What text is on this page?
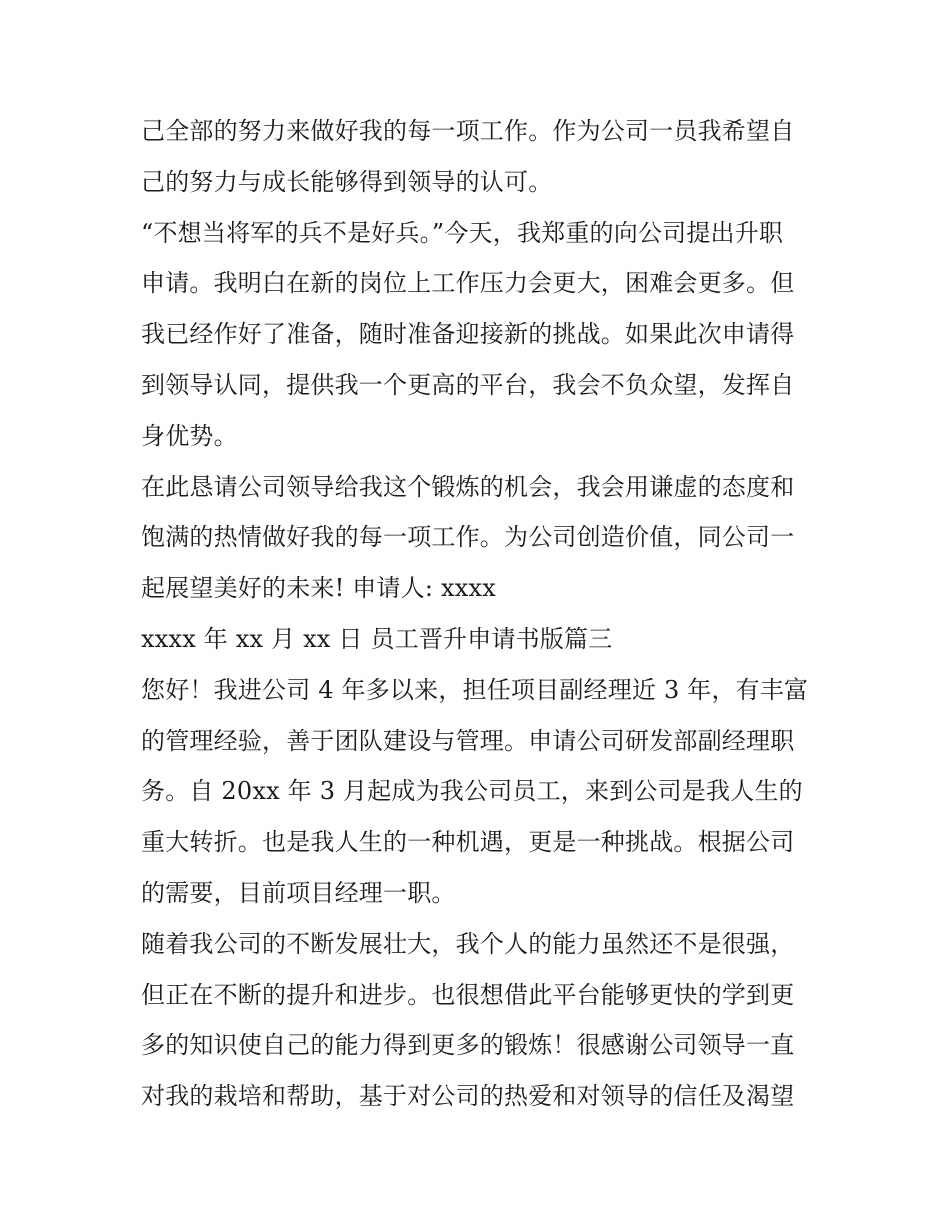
己全部的努力来做好我的每一项工作。作为公司一员我希望自
己的努力与成长能够得到领导的认可。
“不想当将军的兵不是好兵。”今天，我郑重的向公司提出升职
申请。我明白在新的岗位上工作压力会更大，困难会更多。但
我已经作好了准备，随时准备迎接新的挑战。如果此次申请得
到领导认同，提供我一个更高的平台，我会不负众望，发挥自
身优势。
在此恳请公司领导给我这个锻炼的机会，我会用谦虚的态度和
饱满的热情做好我的每一项工作。为公司创造价值，同公司一
起展望美好的未来! 申请人: xxxx
xxxx 年 xx 月 xx 日 员工晋升申请书版篇三
您好！我进公司 4 年多以来，担任项目副经理近 3 年，有丰富
的管理经验，善于团队建设与管理。申请公司研发部副经理职
务。自 20xx 年 3 月起成为我公司员工，来到公司是我人生的
重大转折。也是我人生的一种机遇，更是一种挑战。根据公司
的需要，目前项目经理一职。
随着我公司的不断发展壮大，我个人的能力虽然还不是很强，
但正在不断的提升和进步。也很想借此平台能够更快的学到更
多的知识使自己的能力得到更多的锻炼！很感谢公司领导一直
对我的栽培和帮助，基于对公司的热爱和对领导的信任及渴望
